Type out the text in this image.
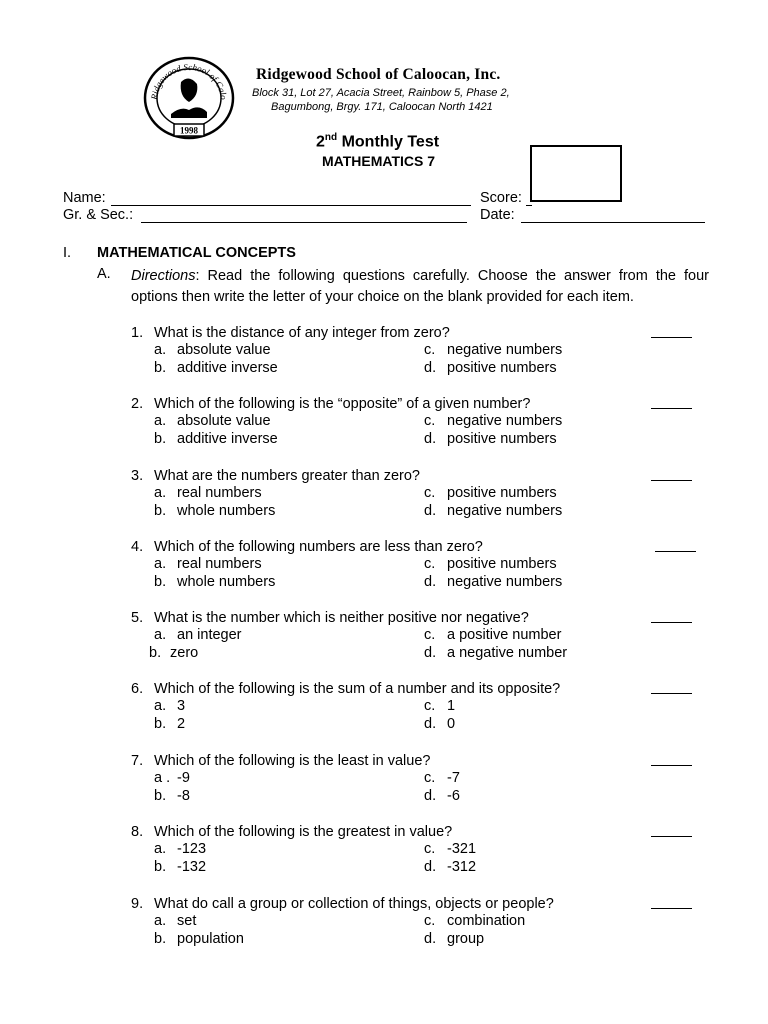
Ridgewood School of Calo
1998
Ridgewood School of Caloocan, Inc.
Block 31, Lot 27, Acacia Street, Rainbow 5, Phase 2,
Bagumbong, Brgy. 171, Caloocan North 1421
2nd Monthly Test
MATHEMATICS 7
Name:	Score:
Gr. & Sec.:	Date:
I. MATHEMATICAL CONCEPTS
A. Directions: Read the following questions carefully. Choose the answer from the four options then write the letter of your choice on the blank provided for each item.
1. What is the distance of any integer from zero?
a. absolute value	c. negative numbers
b. additive inverse	d. positive numbers
2. Which of the following is the “opposite” of a given number?
a. absolute value	c. negative numbers
b. additive inverse	d. positive numbers
3. What are the numbers greater than zero?
a. real numbers	c. positive numbers
b. whole numbers	d. negative numbers
4. Which of the following numbers are less than zero?
a. real numbers	c. positive numbers
b. whole numbers	d. negative numbers
5. What is the number which is neither positive nor negative?
a. an integer	c. a positive number
b. zero	d. a negative number
6. Which of the following is the sum of a number and its opposite?
a. 3	c. 1
b. 2	d. 0
7. Which of the following is the least in value?
a . -9	c. -7
b. -8	d. -6
8. Which of the following is the greatest in value?
a. -123	c. -321
b. -132	d. -312
9. What do call a group or collection of things, objects or people?
a. set	c. combination
b. population	d. group
